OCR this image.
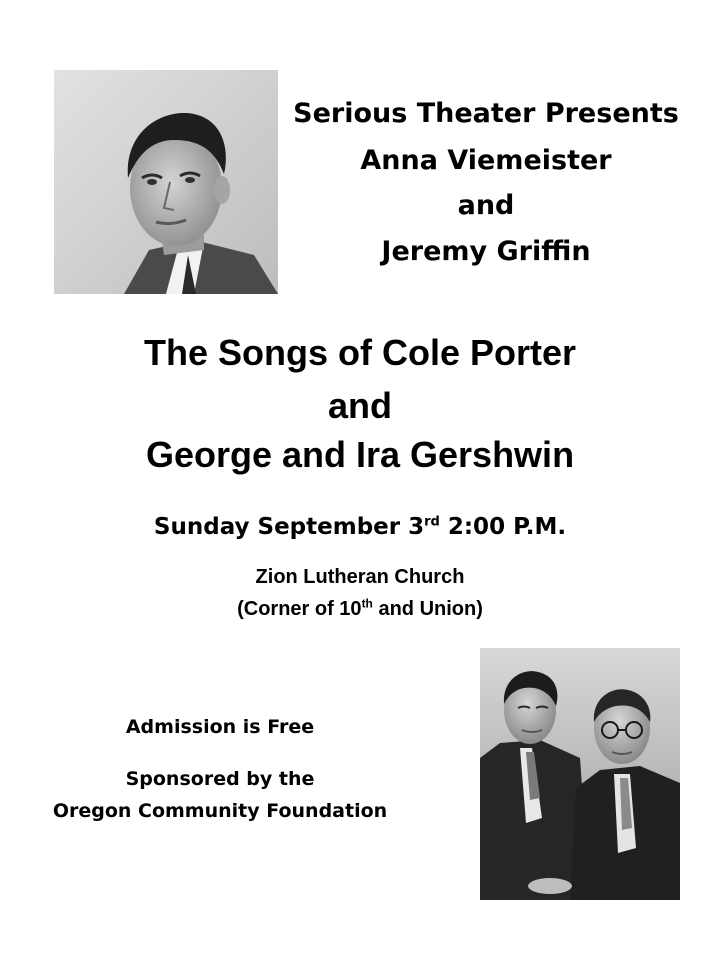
Serious Theater Presents
Anna Viemeister
and
Jeremy Griffin
The Songs of Cole Porter
and
George and Ira Gershwin
Sunday September 3rd 2:00 P.M.
Zion Lutheran Church
(Corner of 10th and Union)
Admission is Free
Sponsored by the
Oregon Community Foundation
